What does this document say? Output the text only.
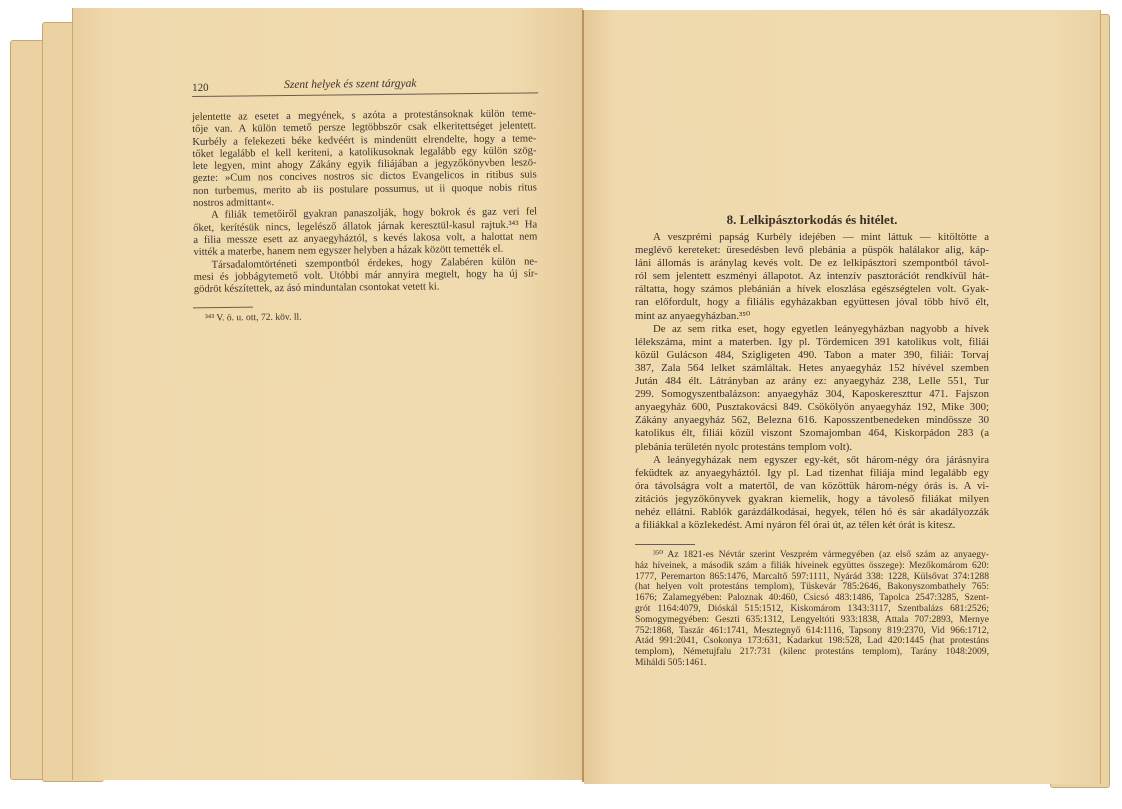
120	Szent helyek és szent tárgyak
jelentette az esetet a megyének, s azóta a protestánsoknak külön teme-
tője van. A külön temető persze legtöbbször csak elkeritettséget jelentett.
Kurbély a felekezeti béke kedvéért is mindenütt elrendelte, hogy a teme-
tőket legalább el kell keriteni, a katolikusoknak legalább egy külön szög-
lete legyen, mint ahogy Zákány egyik filiájában a jegyzőkönyvben leszö-
gezte: »Cum nos concives nostros sic dictos Evangelicos in ritibus suis
non turbemus, merito ab iis postulare possumus, ut ii quoque nobis ritus
nostros admittant«.
A filiák temetőiről gyakran panaszolják, hogy bokrok és gaz veri fel
őket, kerítésük nincs, legelésző állatok járnak keresztül-kasul rajtuk.³⁴³ Ha
a filia messze esett az anyaegyháztól, s kevés lakosa volt, a halottat nem
vitték a materbe, hanem nem egyszer helyben a házak között temették el.
Társadalomtörténeti szempontból érdekes, hogy Zalabéren külön ne-
mesi és jobbágytemető volt. Utóbbi már annyira megtelt, hogy ha új sír-
gödröt készítettek, az ásó minduntalan csontokat vetett ki.
³⁴³ V. ö. u. ott, 72. köv. ll.
8. Lelkipásztorkodás és hitélet.
A veszprémi papság Kurbély idejében — mint láttuk — kitöltötte a
meglévő kereteket: üresedésben levő plebánia a püspök halálakor alig, káp-
láni állomás is aránylag kevés volt. De ez lelkipásztori szempontból távol-
ról sem jelentett eszményi állapotot. Az intenzív pasztorációt rendkívül hát-
ráltatta, hogy számos plebánián a hívek eloszlása egészségtelen volt. Gyak-
ran előfordult, hogy a filiális egyházakban együttesen jóval több hívő élt,
mint az anyaegyházban.³⁵⁰
De az sem ritka eset, hogy egyetlen leányegyházban nagyobb a hívek
lélekszáma, mint a materben. Igy pl. Tördemicen 391 katolikus volt, filiái
közül Gulácson 484, Szigligeten 490. Tabon a mater 390, filiái: Torvaj
387, Zala 564 lelket számláltak. Hetes anyaegyház 152 hívével szemben
Jután 484 élt. Látrányban az arány ez: anyaegyház 238, Lelle 551, Tur
299. Somogyszentbalázson: anyaegyház 304, Kaposkereszttur 471. Fajszon
anyaegyház 600, Pusztakovácsi 849. Csökölyön anyaegyház 192, Mike 300;
Zákány anyaegyház 562, Belezna 616. Kaposszentbenedeken mindössze 30
katolikus élt, filiái közül viszont Szomajomban 464, Kiskorpádon 283 (a
plebánia területén nyolc protestáns templom volt).
A leányegyházak nem egyszer egy-két, sőt három-négy óra járásnyira
feküdtek az anyaegyháztól. Igy pl. Lad tizenhat filiája mind legalább egy
óra távolságra volt a matertől, de van közöttük három-négy órás is. A vi-
zitációs jegyzőkönyvek gyakran kiemelik, hogy a távoleső filiákat milyen
nehéz ellátni. Rablók garázdálkodásai, hegyek, télen hó és sár akadályozzák
a filiákkal a közlekedést. Ami nyáron fél órai út, az télen két órát is kitesz.
³⁵⁰ Az 1821-es Névtár szerint Veszprém vármegyében (az első szám az anyaegy-
ház híveinek, a második szám a filiák híveinek együttes összege): Mezőkomárom 620:
1777, Peremarton 865:1476, Marcaltő 597:1111, Nyárád 338: 1228, Külsővat 374:1288
(hat helyen volt protestáns templom), Tüskevár 785:2646, Bakonyszombathely 765:
1676; Zalamegyében: Paloznak 40:460, Csicsó 483:1486, Tapolca 2547:3285, Szent-
grót 1164:4079, Dióskál 515:1512, Kiskomárom 1343:3117, Szentbalázs 681:2526;
Somogymegyében: Geszti 635:1312, Lengyeltóti 933:1838, Attala 707:2893, Mernye
752:1868, Taszár 461:1741, Mesztegnyő 614:1116, Tapsony 819:2370, Vid 966:1712,
Atád 991:2041, Csokonya 173:631, Kadarkut 198:528, Lad 420:1445 (hat protestáns
templom), Németujfalu 217:731 (kilenc protestáns templom), Tarány 1048:2009,
Miháldi 505:1461.
